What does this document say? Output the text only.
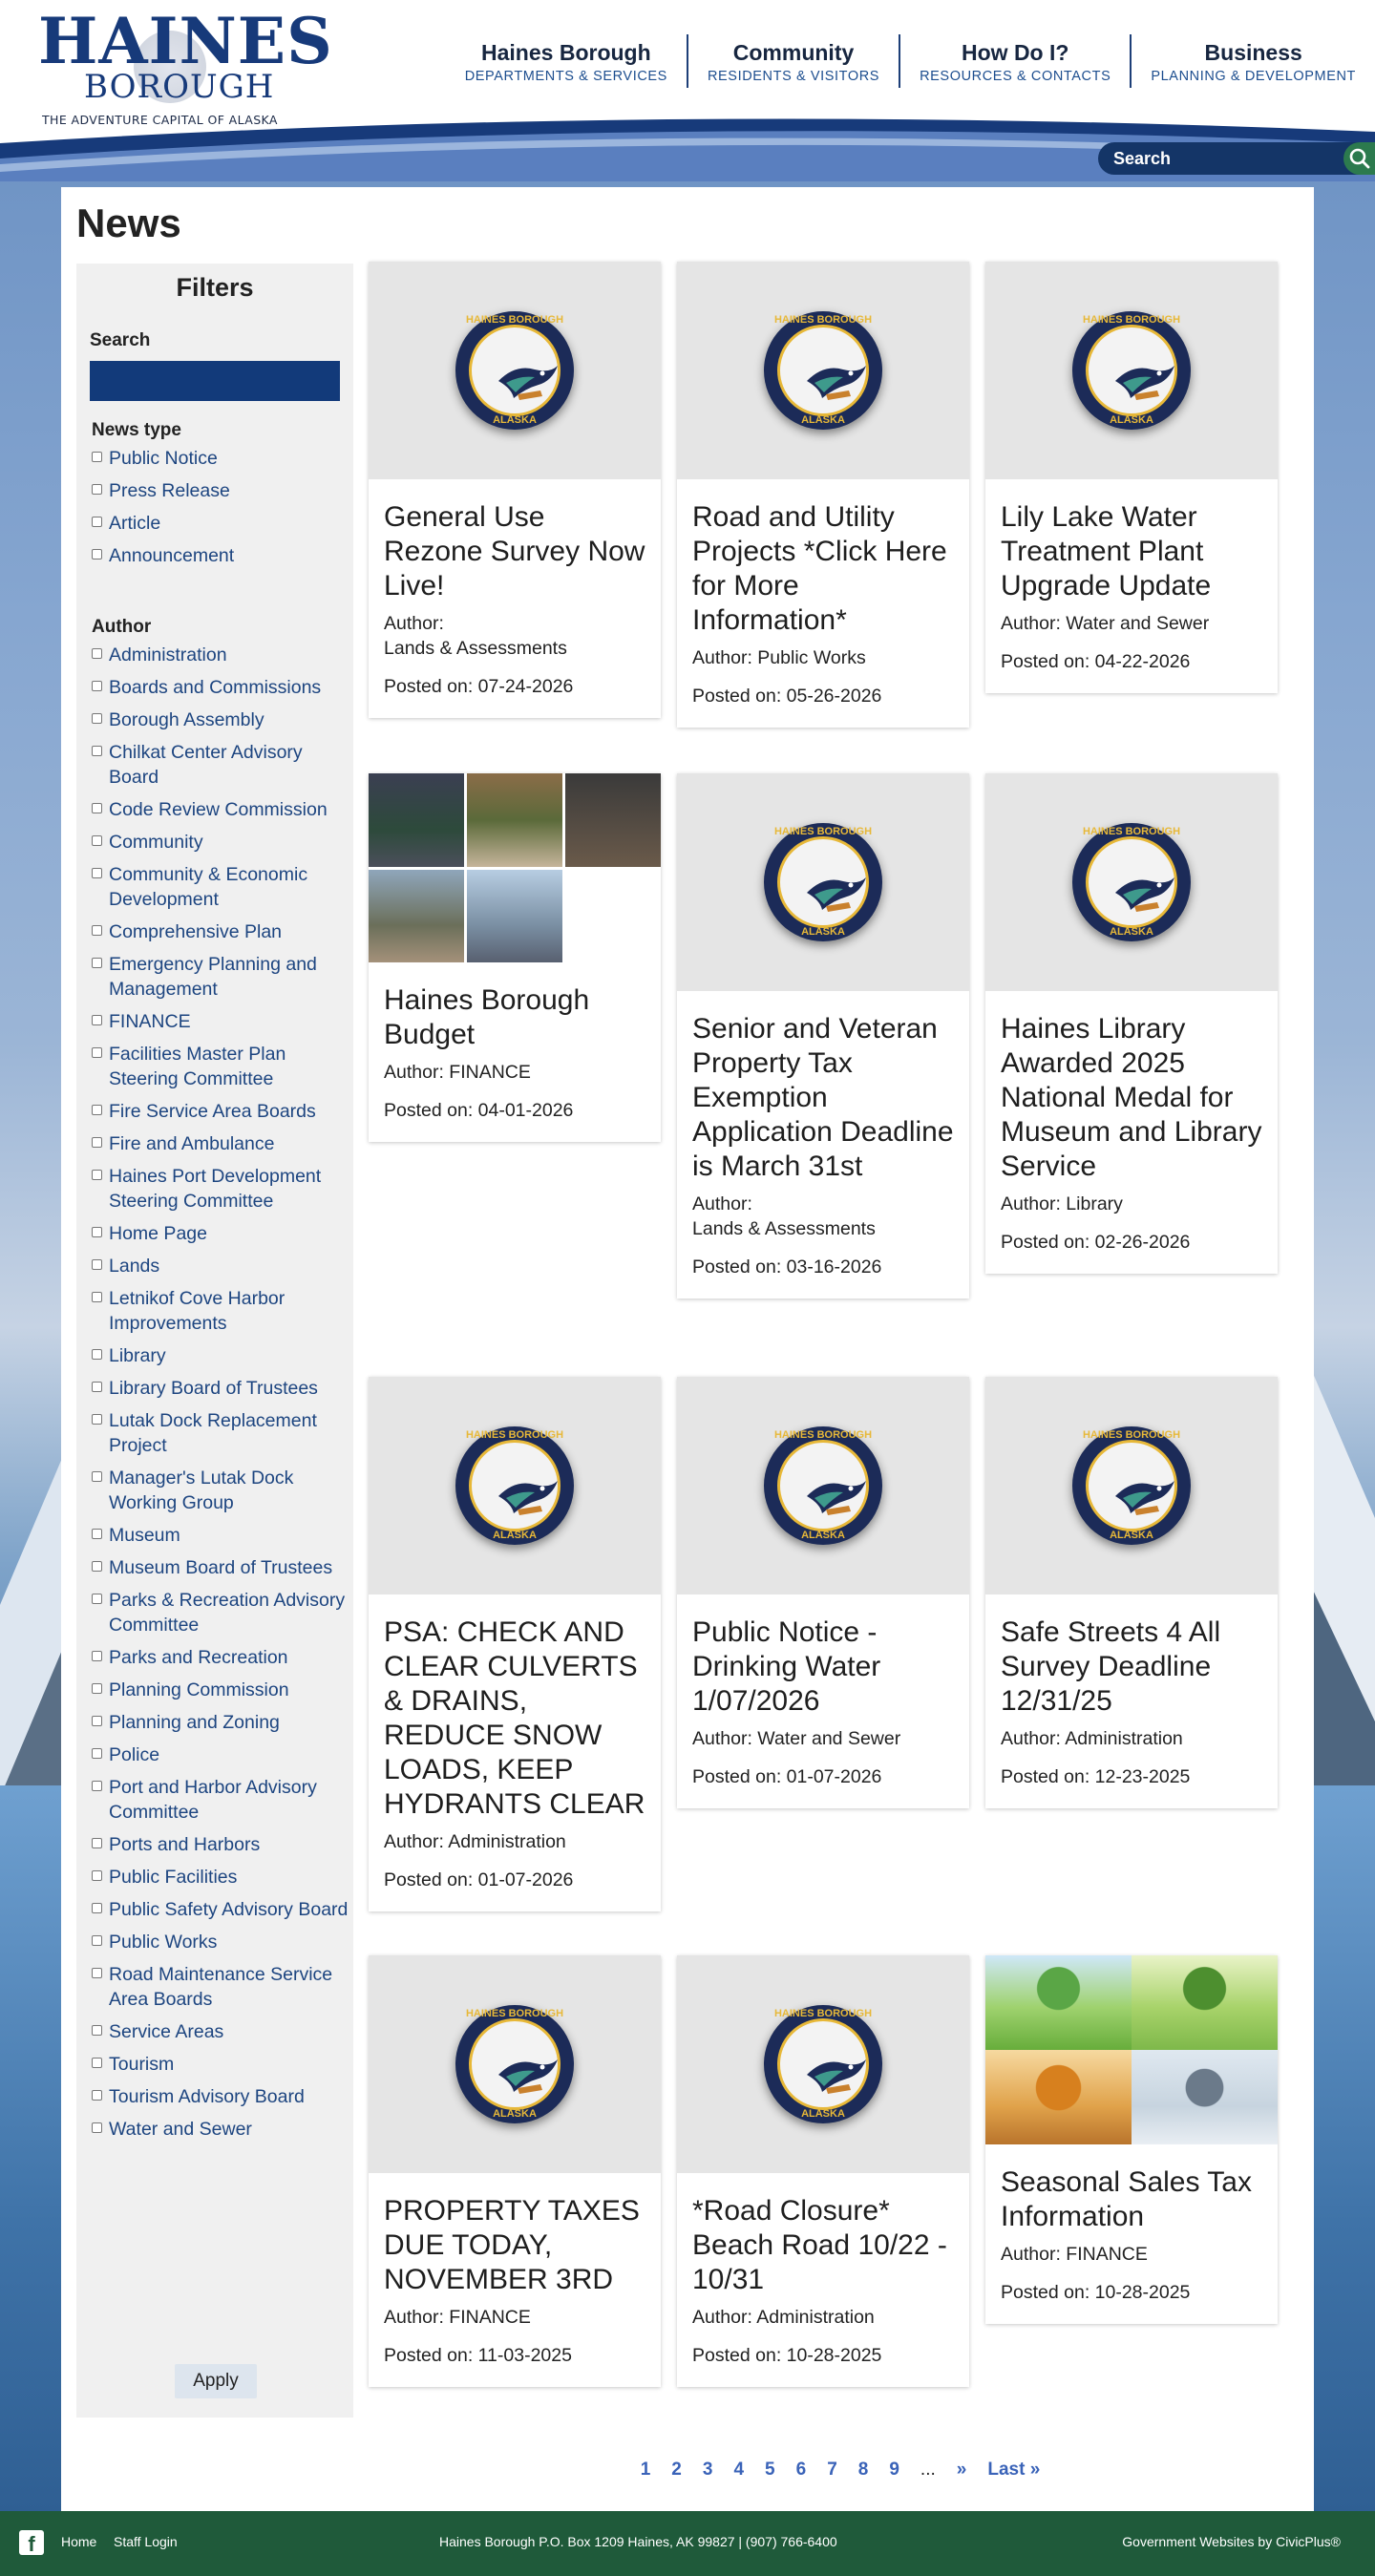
HAINES
BOROUGH
THE ADVENTURE CAPITAL OF ALASKA
Haines Borough
DEPARTMENTS & SERVICES
Community
RESIDENTS & VISITORS
How Do I?
RESOURCES & CONTACTS
Business
PLANNING & DEVELOPMENT
Search
News
Filters
Search
News type
Public Notice
Press Release
Article
Announcement
Author
Administration
Boards and Commissions
Borough Assembly
Chilkat Center Advisory Board
Code Review Commission
Community
Community & Economic Development
Comprehensive Plan
Emergency Planning and Management
FINANCE
Facilities Master Plan Steering Committee
Fire Service Area Boards
Fire and Ambulance
Haines Port Development Steering Committee
Home Page
Lands
Letnikof Cove Harbor Improvements
Library
Library Board of Trustees
Lutak Dock Replacement Project
Manager's Lutak Dock Working Group
Museum
Museum Board of Trustees
Parks & Recreation Advisory Committee
Parks and Recreation
Planning Commission
Planning and Zoning
Police
Port and Harbor Advisory Committee
Ports and Harbors
Public Facilities
Public Safety Advisory Board
Public Works
Road Maintenance Service Area Boards
Service Areas
Tourism
Tourism Advisory Board
Water and Sewer
Apply
HAINES BOROUGH
ALASKA
General Use Rezone Survey Now Live!
Author:
Lands & Assessments
Posted on: 07-24-2026
HAINES BOROUGH
ALASKA
Road and Utility Projects *Click Here for More Information*
Author: Public Works
Posted on: 05-26-2026
HAINES BOROUGH
ALASKA
Lily Lake Water Treatment Plant Upgrade Update
Author: Water and Sewer
Posted on: 04-22-2026
Haines Borough Budget
Author: FINANCE
Posted on: 04-01-2026
HAINES BOROUGH
ALASKA
Senior and Veteran Property Tax Exemption Application Deadline is March 31st
Author:
Lands & Assessments
Posted on: 03-16-2026
HAINES BOROUGH
ALASKA
Haines Library Awarded 2025 National Medal for Museum and Library Service
Author: Library
Posted on: 02-26-2026
HAINES BOROUGH
ALASKA
PSA: CHECK AND CLEAR CULVERTS & DRAINS, REDUCE SNOW LOADS, KEEP HYDRANTS CLEAR
Author: Administration
Posted on: 01-07-2026
HAINES BOROUGH
ALASKA
Public Notice - Drinking Water 1/07/2026
Author: Water and Sewer
Posted on: 01-07-2026
HAINES BOROUGH
ALASKA
Safe Streets 4 All Survey Deadline 12/31/25
Author: Administration
Posted on: 12-23-2025
HAINES BOROUGH
ALASKA
PROPERTY TAXES DUE TODAY, NOVEMBER 3RD
Author: FINANCE
Posted on: 11-03-2025
HAINES BOROUGH
ALASKA
*Road Closure* Beach Road 10/22 - 10/31
Author: Administration
Posted on: 10-28-2025
Seasonal Sales Tax Information
Author: FINANCE
Posted on: 10-28-2025
1 2 3 4 5 6 7 8 9 ... » Last »
f	Home Staff Login	Haines Borough P.O. Box 1209 Haines, AK 99827 | (907) 766-6400	Government Websites by CivicPlus®
